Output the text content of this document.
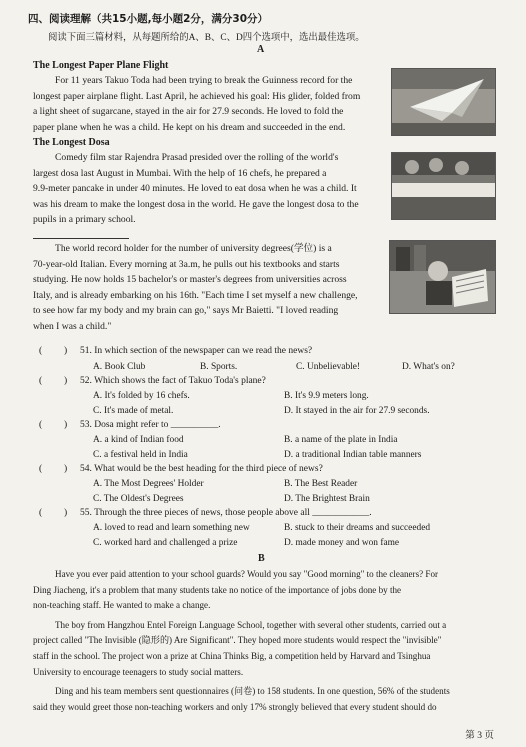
四、阅读理解（共15小题,每小题2分，满分30分）
阅读下面三篇材料，从每题所给的A、B、C、D四个选项中，选出最佳选项。
A
The Longest Paper Plane Flight
For 11 years Takuo Toda had been trying to break the Guinness record for the
longest paper airplane flight. Last April, he achieved his goal: His glider, folded from
a light sheet of sugarcane, stayed in the air for 27.9 seconds. He loved to fold the
paper plane when he was a child. He kept on his dream and succeeded in the end.
The Longest Dosa
Comedy film star Rajendra Prasad presided over the rolling of the world's
largest dosa last August in Mumbai. With the help of 16 chefs, he prepared a
9.9-meter pancake in under 40 minutes. He loved to eat dosa when he was a child. It
was his dream to make the longest dosa in the world. He gave the longest dosa to the
pupils in a primary school.
The world record holder for the number of university degrees(学位) is a
70-year-old Italian. Every morning at 3a.m, he pulls out his textbooks and starts
studying. He now holds 15 bachelor's or master's degrees from universities across
Italy, and is already embarking on his 16th. "Each time I set myself a new challenge,
to see how far my body and my brain can go," says Mr Baietti. "I loved reading
when I was a child."
( ) 51. In which section of the newspaper can we read the news?
A. Book Club	B. Sports.	C. Unbelievable!	D. What's on?
( ) 52. Which shows the fact of Takuo Toda's plane?
A. It's folded by 16 chefs.	B. It's 9.9 meters long.
C. It's made of metal.	D. It stayed in the air for 27.9 seconds.
( ) 53. Dosa might refer to __________.
A. a kind of Indian food	B. a name of the plate in India
C. a festival held in India	D. a traditional Indian table manners
( ) 54. What would be the best heading for the third piece of news?
A. The Most Degrees' Holder	B. The Best Reader
C. The Oldest's Degrees	D. The Brightest Brain
( ) 55. Through the three pieces of news, those people above all ____________.
A. loved to read and learn something new	B. stuck to their dreams and succeeded
C. worked hard and challenged a prize	D. made money and won fame
B
Have you ever paid attention to your school guards? Would you say "Good morning" to the cleaners? For
Ding Jiacheng, it's a problem that many students take no notice of the importance of jobs done by the
non-teaching staff. He wanted to make a change.
The boy from Hangzhou Entel Foreign Language School, together with several other students, carried out a
project called "The Invisible (隐形的) Are Significant". They hoped more students would respect the "invisible"
staff in the school. The project won a prize at China Thinks Big, a competition held by Harvard and Tsinghua
University to encourage teenagers to study social matters.
Ding and his team members sent questionnaires (问卷) to 158 students. In one question, 56% of the students
said they would greet those non-teaching workers and only 17% strongly believed that every student should do
第 3 页
